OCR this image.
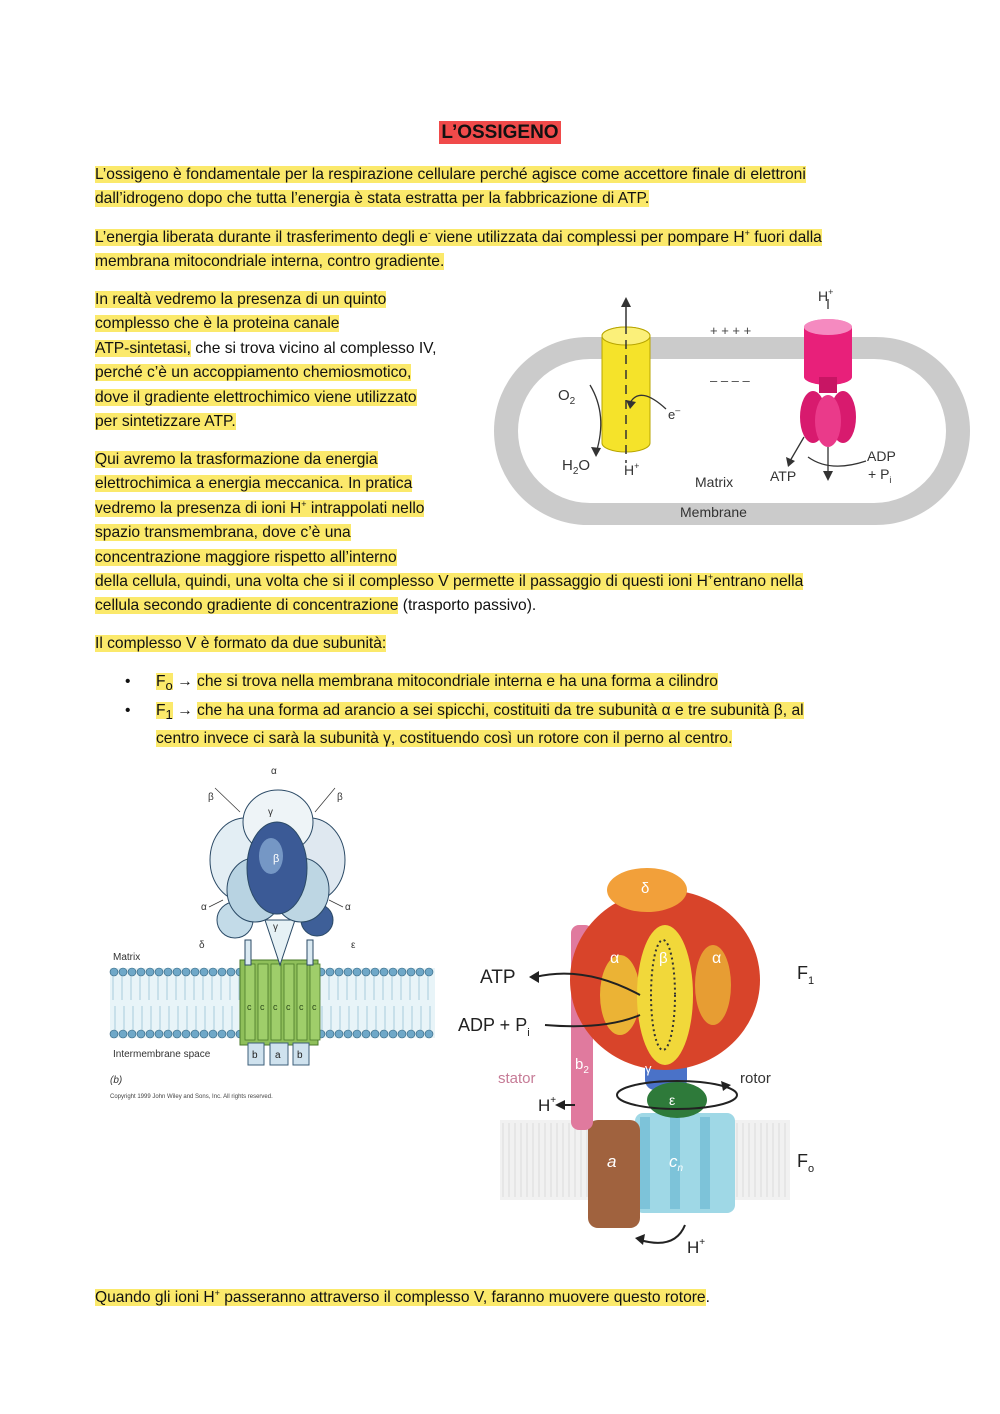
L’OSSIGENO

L’ossigeno è fondamentale per la respirazione cellulare perché agisce come accettore finale di elettroni
dall’idrogeno dopo che tutta l’energia è stata estratta per la fabbricazione di ATP.

L’energia liberata durante il trasferimento degli e- viene utilizzata dai complessi per pompare H+ fuori dalla
membrana mitocondriale interna, contro gradiente.

In realtà vedremo la presenza di un quinto
complesso che è la proteina canale
ATP-sintetasi, che si trova vicino al complesso IV,
perché c’è un accoppiamento chemiosmotico,
dove il gradiente elettrochimico viene utilizzato
per sintetizzare ATP.

Qui avremo la trasformazione da energia
elettrochimica a energia meccanica. In pratica
vedremo la presenza di ioni H+ intrappolati nello
spazio transmembrana, dove c’è una
concentrazione maggiore rispetto all’interno
della cellula, quindi, una volta che si il complesso V permette il passaggio di questi ioni H+entrano nella
cellula secondo gradiente di concentrazione (trasporto passivo).

Il complesso V è formato da due subunità:

• $F_o$ → che si trova nella membrana mitocondriale interna e ha una forma a cilindro
• $F_1$ → che ha una forma ad arancio a sei spicchi, costituiti da tre subunità α e tre subunità β, al
centro invece ci sarà la subunità γ, costituendo così un rotore con il perno al centro.

Quando gli ioni H+ passeranno attraverso il complesso V, faranno muovere questo rotore.

+ + + +
– – – –
$O_2$
e–
$H_2O$ H+
Matrix
Membrane
H+
ATP
ADP
+ $P_i$
c c c c c c
b a b
α
β	β
γ
β
α	α
γ
δ	ε
Matrix
Intermembrane space
(b)
Copyright 1999 John Wiley and Sons, Inc. All rights reserved.
ATP
ADP + $P_i$
stator	rotor
H+
H+
$F_1$
$F_o$
α	α
β
δ
γ
ε
$b_2$
a	$c_n$
